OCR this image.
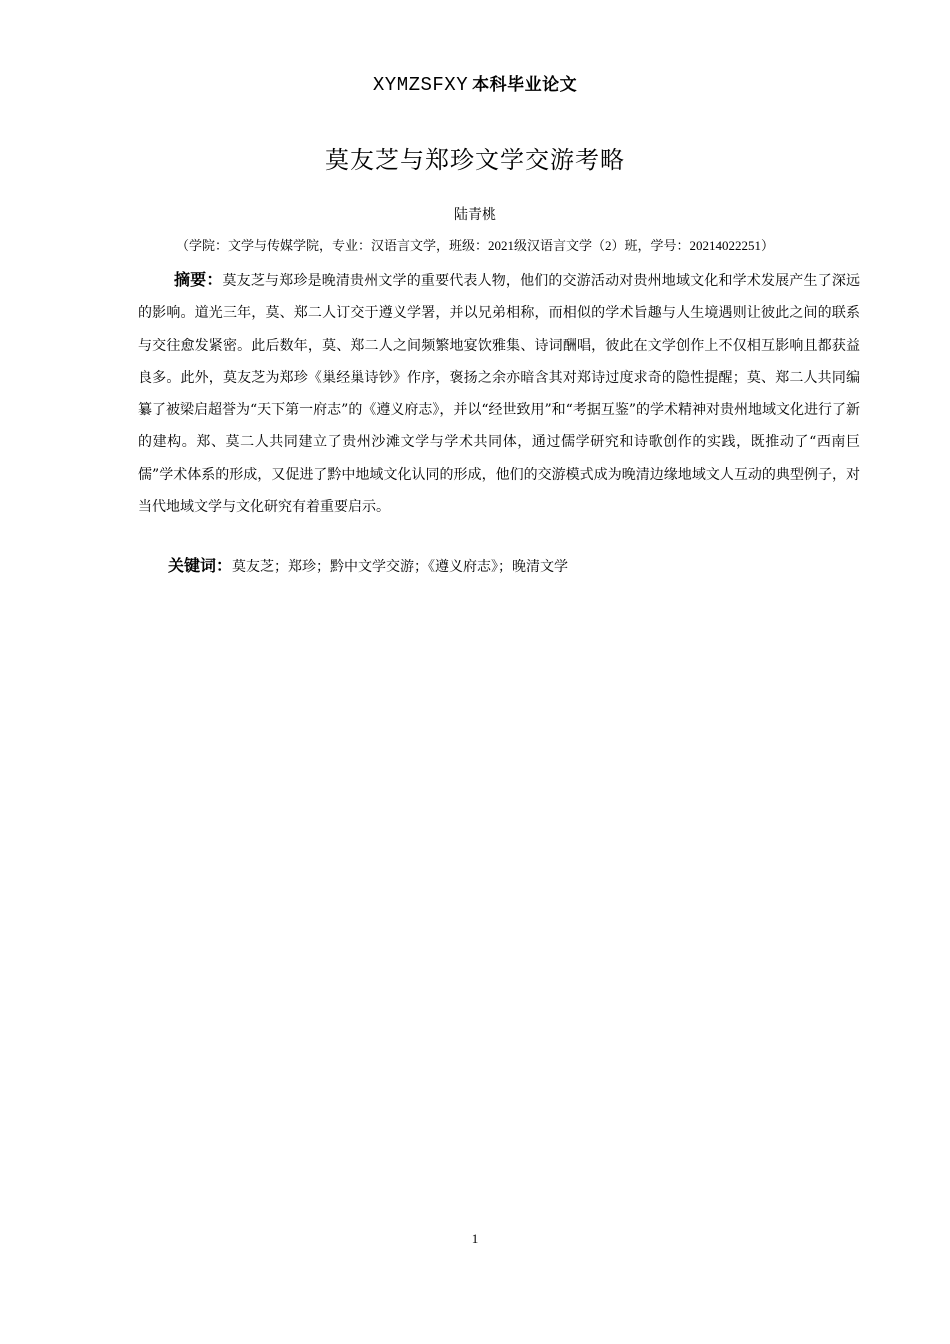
XYMZSFXY 本科毕业论文
莫友芝与郑珍文学交游考略
陆青桃
（学院：文学与传媒学院，专业：汉语言文学，班级：2021级汉语言文学（2）班，学号：20214022251）

摘要：莫友芝与郑珍是晚清贵州文学的重要代表人物，他们的交游活动对贵州地域文化和学术发展产生了深远的影响。道光三年，莫、郑二人订交于遵义学署，并以兄弟相称，而相似的学术旨趣与人生境遇则让彼此之间的联系与交往愈发紧密。此后数年，莫、郑二人之间频繁地宴饮雅集、诗词酬唱，彼此在文学创作上不仅相互影响且都获益良多。此外，莫友芝为郑珍《巢经巢诗钞》作序，褒扬之余亦暗含其对郑诗过度求奇的隐性提醒；莫、郑二人共同编纂了被梁启超誉为“天下第一府志”的《遵义府志》，并以“经世致用”和“考据互鉴”的学术精神对贵州地域文化进行了新的建构。郑、莫二人共同建立了贵州沙滩文学与学术共同体，通过儒学研究和诗歌创作的实践，既推动了“西南巨儒”学术体系的形成，又促进了黔中地域文化认同的形成，他们的交游模式成为晚清边缘地域文人互动的典型例子，对当代地域文学与文化研究有着重要启示。

关键词：莫友芝；郑珍；黔中文学交游；《遵义府志》；晚清文学

1
